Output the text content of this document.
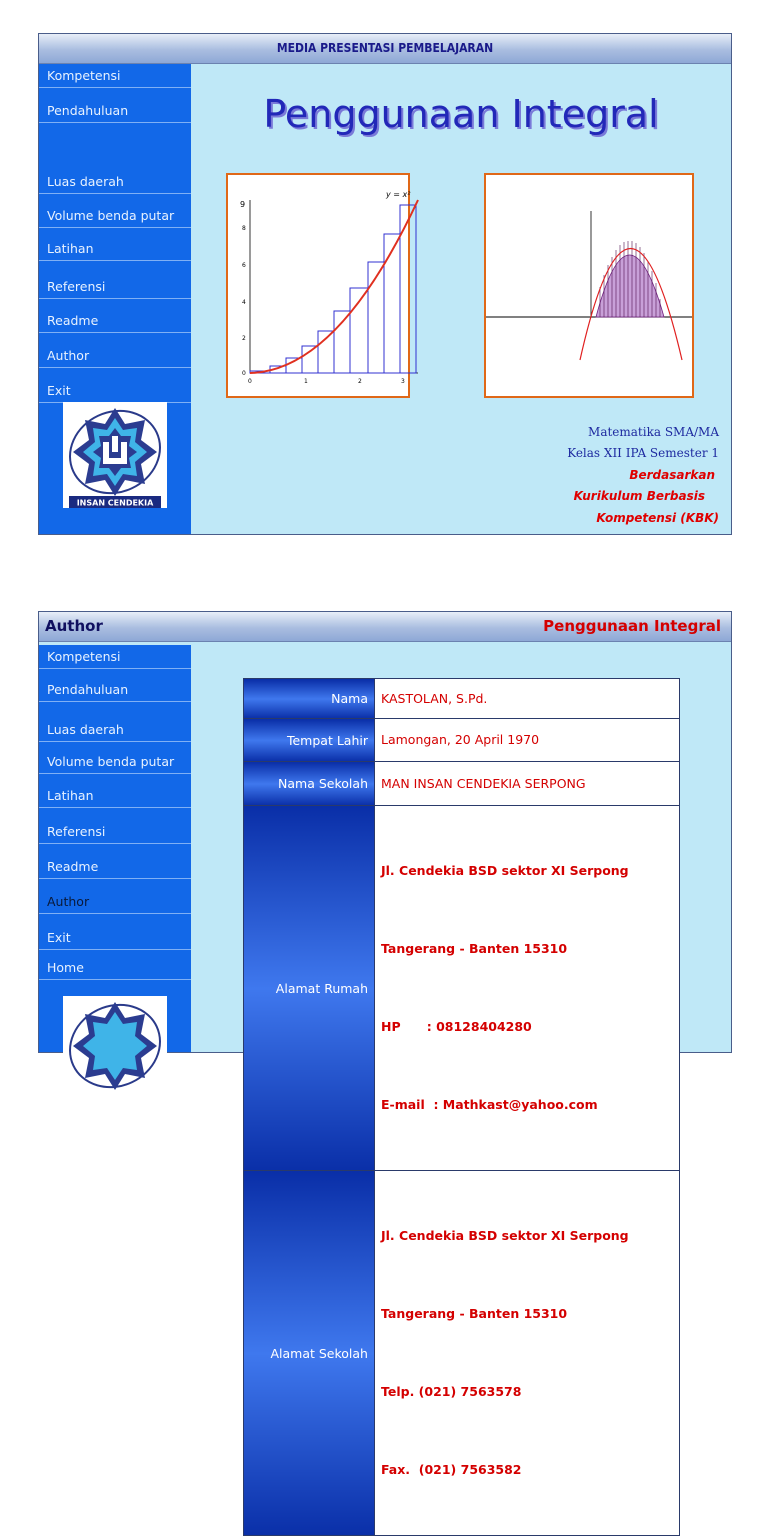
MEDIA PRESENTASI PEMBELAJARAN
Kompetensi
Pendahuluan
Luas daerah
Volume benda putar
Latihan
Referensi
Readme
Author
Exit
INSAN CENDEKIA
Penggunaan Integral
y = x²
9
8
6
4
2
0
0	1	2	3
Matematika SMA/MA
Kelas XII IPA Semester 1
Berdasarkan
Kurikulum Berbasis
Kompetensi (KBK)
Author	Penggunaan Integral
Kompetensi
Pendahuluan
Luas daerah
Volume benda putar
Latihan
Referensi
Readme
Author
Exit
Home
Nama	KASTOLAN, S.Pd.

Tempat Lahir	Lamongan, 20 April 1970

Nama Sekolah	MAN INSAN CENDEKIA SERPONG

Alamat Rumah	Jl. Cendekia BSD sektor XI Serpong

Tangerang - Banten 15310

HP      : 08128404280

E-mail  : Mathkast@yahoo.com

Alamat Sekolah	Jl. Cendekia BSD sektor XI Serpong

Tangerang - Banten 15310

Telp. (021) 7563578

Fax.  (021) 7563582
